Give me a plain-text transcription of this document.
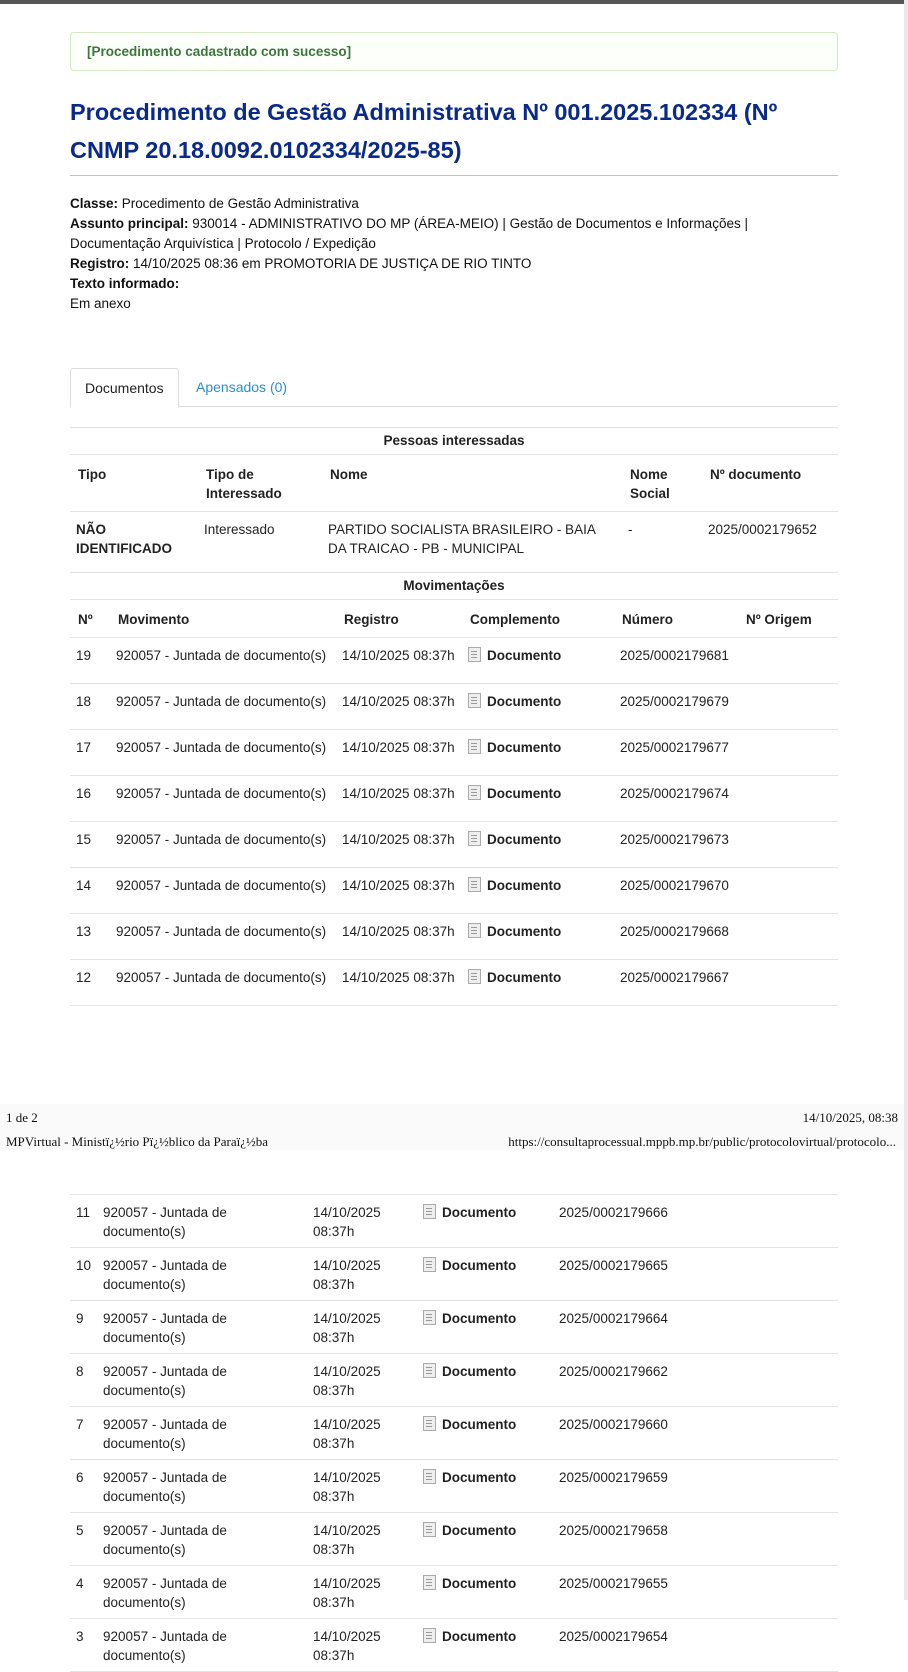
[Procedimento cadastrado com sucesso]
Procedimento de Gestão Administrativa Nº 001.2025.102334 (Nº CNMP 20.18.0092.0102334/2025-85)
Classe: Procedimento de Gestão Administrativa
Assunto principal: 930014 - ADMINISTRATIVO DO MP (ÁREA-MEIO) | Gestão de Documentos e Informações | Documentação Arquivística | Protocolo / Expedição
Registro: 14/10/2025 08:36 em PROMOTORIA DE JUSTIÇA DE RIO TINTO
Texto informado:
Em anexo
Documentos	Apensados (0)
Pessoas interessadas
Tipo	Tipo de Interessado	Nome	Nome Social	Nº documento
NÃO IDENTIFICADO	Interessado	PARTIDO SOCIALISTA BRASILEIRO - BAIA DA TRAICAO - PB - MUNICIPAL	-	2025/0002179652
Movimentações
Nº	Movimento	Registro	Complemento	Número	Nº Origem
19	920057 - Juntada de documento(s)	14/10/2025 08:37h	Documento	2025/0002179681	
18	920057 - Juntada de documento(s)	14/10/2025 08:37h	Documento	2025/0002179679	
17	920057 - Juntada de documento(s)	14/10/2025 08:37h	Documento	2025/0002179677	
16	920057 - Juntada de documento(s)	14/10/2025 08:37h	Documento	2025/0002179674	
15	920057 - Juntada de documento(s)	14/10/2025 08:37h	Documento	2025/0002179673	
14	920057 - Juntada de documento(s)	14/10/2025 08:37h	Documento	2025/0002179670	
13	920057 - Juntada de documento(s)	14/10/2025 08:37h	Documento	2025/0002179668	
12	920057 - Juntada de documento(s)	14/10/2025 08:37h	Documento	2025/0002179667	
1 de 2	14/10/2025, 08:38
MPVirtual - Ministï¿½rio Pï¿½blico da Paraï¿½ba	https://consultaprocessual.mppb.mp.br/public/protocolovirtual/protocolo...
11	920057 - Juntada de documento(s)	14/10/2025 08:37h	Documento	2025/0002179666	
10	920057 - Juntada de documento(s)	14/10/2025 08:37h	Documento	2025/0002179665	
9	920057 - Juntada de documento(s)	14/10/2025 08:37h	Documento	2025/0002179664	
8	920057 - Juntada de documento(s)	14/10/2025 08:37h	Documento	2025/0002179662	
7	920057 - Juntada de documento(s)	14/10/2025 08:37h	Documento	2025/0002179660	
6	920057 - Juntada de documento(s)	14/10/2025 08:37h	Documento	2025/0002179659	
5	920057 - Juntada de documento(s)	14/10/2025 08:37h	Documento	2025/0002179658	
4	920057 - Juntada de documento(s)	14/10/2025 08:37h	Documento	2025/0002179655	
3	920057 - Juntada de documento(s)	14/10/2025 08:37h	Documento	2025/0002179654	
